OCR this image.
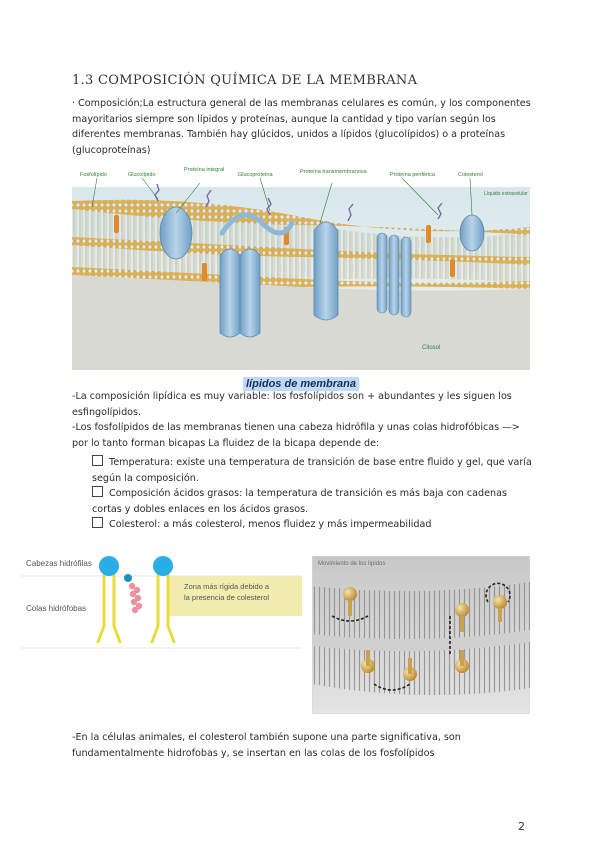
1.3 COMPOSICIÓN QUÍMICA DE LA MEMBRANA
· Composición;La estructura general de las membranas celulares es común, y los componentes mayoritarios siempre son lípidos y proteínas, aunque la cantidad y tipo varían según los diferentes membranas. También hay glúcidos, unidos a lípidos (glucolípidos) o a proteínas (glucoproteínas)
Fosfolípido	Glucolípido
Proteína integral
Glucoproteína	Proteína transmembranosa	Proteína periférica	Colesterol
Líquido extracelular
Citosol
lípidos de membrana
-La composición lipídica es muy variable: los fosfolípidos son + abundantes y les siguen los esfingolípidos.
-Los fosfolípidos de las membranas tienen una cabeza hidrófila y unas colas hidrofóbicas —> por lo tanto forman bicapas La fluidez de la bicapa depende de:
Temperatura: existe una temperatura de transición de base entre fluido y gel, que varía según la composición.
Composición ácidos grasos: la temperatura de transición es más baja con cadenas cortas y dobles enlaces en los ácidos grasos.
Colesterol: a más colesterol, menos fluidez y más impermeabilidad
Cabezas hidrófilas
Colas hidrófobas
Zona más rígida debido a
la presencia de colesterol
Movimiento de los lípidos
-En la células animales, el colesterol también supone una parte significativa, son fundamentalmente hidrofobas y, se insertan en las colas de los fosfolípidos
2
